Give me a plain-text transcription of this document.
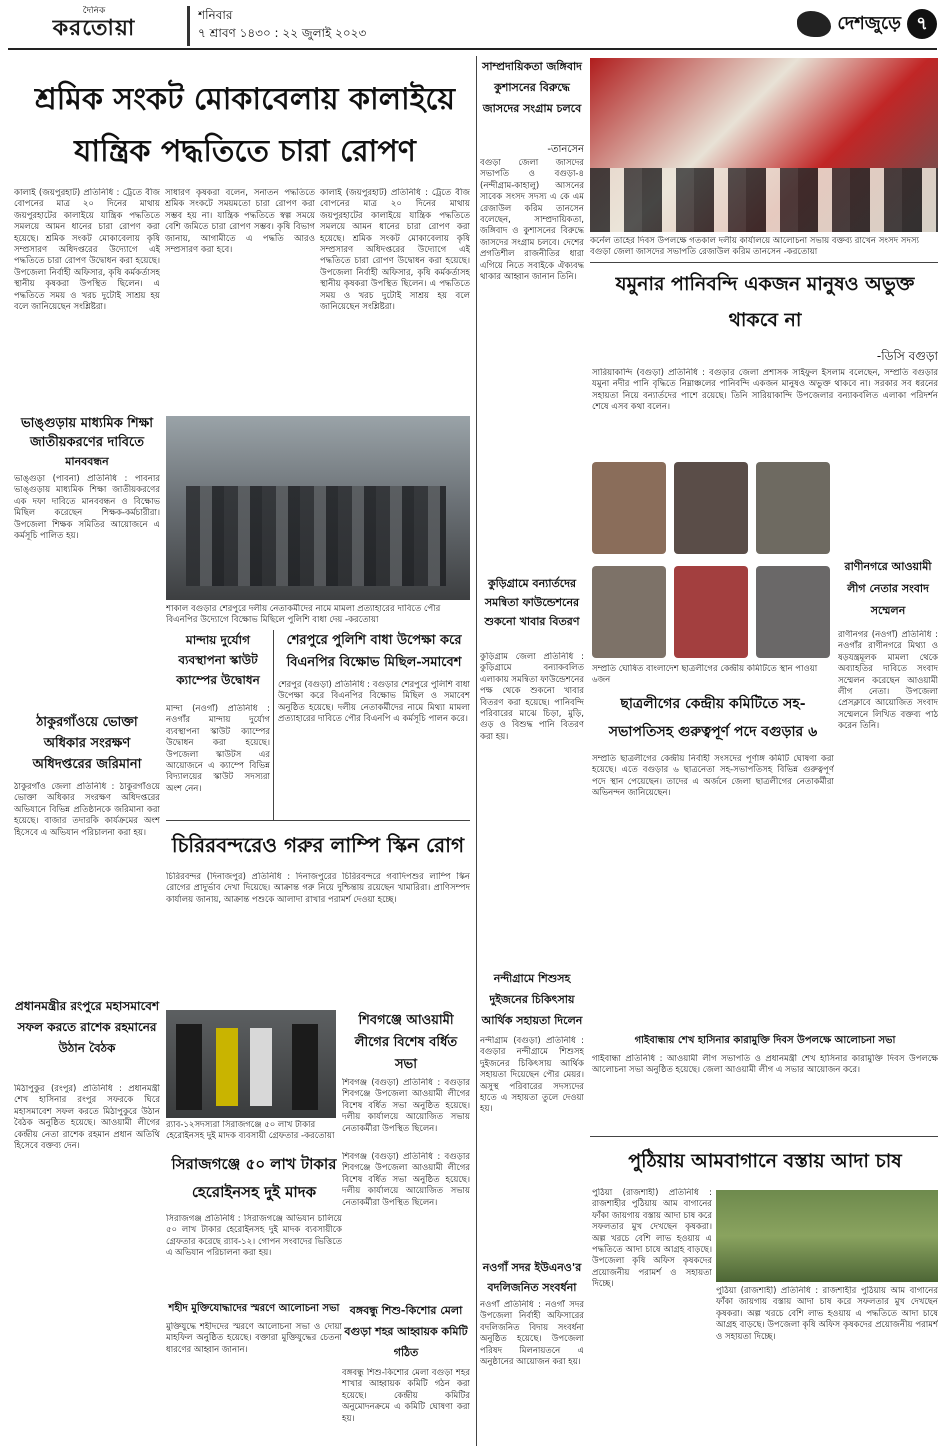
দৈনিক
করতোয়া	শনিবার
৭ শ্রাবণ ১৪৩০ : ২২ জুলাই ২০২৩	দেশজুড়ে ৭
শ্রমিক সংকট মোকাবেলায় কালাইয়ে
যান্ত্রিক পদ্ধতিতে চারা রোপণ
কালাই (জয়পুরহাট) প্রতিনিধি : ট্রেতে বীজ বোপনের মাত্র ২০ দিনের মাথায় জয়পুরহাটের কালাইয়ে যান্ত্রিক পদ্ধতিতে সমলয়ে আমন ধানের চারা রোপণ করা হয়েছে। শ্রমিক সংকট মোকাবেলায় কৃষি সম্প্রসারণ অধিদপ্তরের উদ্যোগে এই পদ্ধতিতে চারা রোপণ উদ্বোধন করা হয়েছে। উপজেলা নির্বাহী অফিসার, কৃষি কর্মকর্তাসহ স্থানীয় কৃষকরা উপস্থিত ছিলেন। এ পদ্ধতিতে সময় ও খরচ দুটোই সাশ্রয় হয় বলে জানিয়েছেন সংশ্লিষ্টরা।
সাধারণ কৃষকরা বলেন, সনাতন পদ্ধতিতে শ্রমিক সংকটে সময়মতো চারা রোপণ করা সম্ভব হয় না। যান্ত্রিক পদ্ধতিতে স্বল্প সময়ে বেশি জমিতে চারা রোপণ সম্ভব। কৃষি বিভাগ জানায়, আগামীতে এ পদ্ধতি আরও সম্প্রসারণ করা হবে।
কালাই (জয়পুরহাট) প্রতিনিধি : ট্রেতে বীজ বোপনের মাত্র ২০ দিনের মাথায় জয়পুরহাটের কালাইয়ে যান্ত্রিক পদ্ধতিতে সমলয়ে আমন ধানের চারা রোপণ করা হয়েছে। শ্রমিক সংকট মোকাবেলায় কৃষি সম্প্রসারণ অধিদপ্তরের উদ্যোগে এই পদ্ধতিতে চারা রোপণ উদ্বোধন করা হয়েছে। উপজেলা নির্বাহী অফিসার, কৃষি কর্মকর্তাসহ স্থানীয় কৃষকরা উপস্থিত ছিলেন। এ পদ্ধতিতে সময় ও খরচ দুটোই সাশ্রয় হয় বলে জানিয়েছেন সংশ্লিষ্টরা।
ভাঙ্গুড়ায় মাধ্যমিক শিক্ষা জাতীয়করণের দাবিতে
মানববন্ধন
ভাঙ্গুড়া (পাবনা) প্রতিনিধি : পাবনার ভাঙ্গুড়ায় মাধ্যমিক শিক্ষা জাতীয়করণের এক দফা দাবিতে মানববন্ধন ও বিক্ষোভ মিছিল করেছেন শিক্ষক-কর্মচারীরা। উপজেলা শিক্ষক সমিতির আয়োজনে এ কর্মসূচি পালিত হয়।
ঠাকুরগাঁওয়ে ভোক্তা অধিকার সংরক্ষণ অধিদপ্তরের জরিমানা
ঠাকুরগাঁও জেলা প্রতিনিধি : ঠাকুরগাঁওয়ে ভোক্তা অধিকার সংরক্ষণ অধিদপ্তরের অভিযানে বিভিন্ন প্রতিষ্ঠানকে জরিমানা করা হয়েছে। বাজার তদারকি কার্যক্রমের অংশ হিসেবে এ অভিযান পরিচালনা করা হয়।
প্রধানমন্ত্রীর রংপুরে মহাসমাবেশ সফল করতে রাশেক রহমানের উঠান বৈঠক
মিঠাপুকুর (রংপুর) প্রতিনিধি : প্রধানমন্ত্রী শেখ হাসিনার রংপুর সফরকে ঘিরে মহাসমাবেশ সফল করতে মিঠাপুকুরে উঠান বৈঠক অনুষ্ঠিত হয়েছে। আওয়ামী লীগের কেন্দ্রীয় নেতা রাশেক রহমান প্রধান অতিথি হিসেবে বক্তব্য দেন।
শাকাল বগুড়ার শেরপুরে দলীয় নেতাকর্মীদের নামে মামলা প্রত্যাহারের দাবিতে পৌর বিএনপির উদ্যোগে বিক্ষোভ মিছিলে পুলিশি বাধা দেয় -করতোয়া
মান্দায় দুর্যোগ ব্যবস্থাপনা স্কাউট ক্যাম্পের উদ্বোধন
মান্দা (নওগাঁ) প্রতিনিধি : নওগাঁর মান্দায় দুর্যোগ ব্যবস্থাপনা স্কাউট ক্যাম্পের উদ্বোধন করা হয়েছে। উপজেলা স্কাউটস এর আয়োজনে এ ক্যাম্পে বিভিন্ন বিদ্যালয়ের স্কাউট সদস্যরা অংশ নেন।
শেরপুরে পুলিশি বাধা উপেক্ষা করে বিএনপির বিক্ষোভ মিছিল-সমাবেশ
শেরপুর (বগুড়া) প্রতিনিধি : বগুড়ার শেরপুরে পুলিশি বাধা উপেক্ষা করে বিএনপির বিক্ষোভ মিছিল ও সমাবেশ অনুষ্ঠিত হয়েছে। দলীয় নেতাকর্মীদের নামে মিথ্যা মামলা প্রত্যাহারের দাবিতে পৌর বিএনপি এ কর্মসূচি পালন করে।
চিরিরবন্দরেও গরুর লাম্পি স্কিন রোগ
চিরিরবন্দর (দিনাজপুর) প্রতিনিধি : দিনাজপুরের চিরিরবন্দরে গবাদিপশুর লাম্পি স্কিন রোগের প্রাদুর্ভাব দেখা দিয়েছে। আক্রান্ত গরু নিয়ে দুশ্চিন্তায় রয়েছেন খামারিরা। প্রাণিসম্পদ কার্যালয় জানায়, আক্রান্ত পশুকে আলাদা রাখার পরামর্শ দেওয়া হচ্ছে।
র‍্যাব-১২সদস্যরা সিরাজগঞ্জে ৫০ লাখ টাকার হেরোইনসহ দুই মাদক ব্যবসায়ী গ্রেফতার -করতোয়া
শিবগঞ্জে আওয়ামী লীগের বিশেষ বর্ধিত সভা
শিবগঞ্জ (বগুড়া) প্রতিনিধি : বগুড়ার শিবগঞ্জে উপজেলা আওয়ামী লীগের বিশেষ বর্ধিত সভা অনুষ্ঠিত হয়েছে। দলীয় কার্যালয়ে আয়োজিত সভায় নেতাকর্মীরা উপস্থিত ছিলেন।
সিরাজগঞ্জে ৫০ লাখ টাকার হেরোইনসহ দুই মাদক
সিরাজগঞ্জ প্রতিনিধি : সিরাজগঞ্জে অভিযান চালিয়ে ৫০ লাখ টাকার হেরোইনসহ দুই মাদক ব্যবসায়ীকে গ্রেফতার করেছে র‍্যাব-১২। গোপন সংবাদের ভিত্তিতে এ অভিযান পরিচালনা করা হয়।
শহীদ মুক্তিযোদ্ধাদের স্মরণে আলোচনা সভা
মুক্তিযুদ্ধে শহীদদের স্মরণে আলোচনা সভা ও দোয়া মাহফিল অনুষ্ঠিত হয়েছে। বক্তারা মুক্তিযুদ্ধের চেতনা ধারণের আহ্বান জানান।
শিবগঞ্জ (বগুড়া) প্রতিনিধি : বগুড়ার শিবগঞ্জে উপজেলা আওয়ামী লীগের বিশেষ বর্ধিত সভা অনুষ্ঠিত হয়েছে। দলীয় কার্যালয়ে আয়োজিত সভায় নেতাকর্মীরা উপস্থিত ছিলেন।
সাম্প্রদায়িকতা জঙ্গিবাদ কুশাসনের বিরুদ্ধে জাসদের সংগ্রাম চলবে
-তানসেন
বগুড়া জেলা জাসদের সভাপতি ও বগুড়া-৪ (নন্দীগ্রাম-কাহালু) আসনের সাবেক সংসদ সদস্য এ কে এম রেজাউল করিম তানসেন বলেছেন, সাম্প্রদায়িকতা, জঙ্গিবাদ ও কুশাসনের বিরুদ্ধে জাসদের সংগ্রাম চলবে। দেশের প্রগতিশীল রাজনীতির ধারা এগিয়ে নিতে সবাইকে ঐক্যবদ্ধ থাকার আহ্বান জানান তিনি।
কুড়িগ্রামে বন্যার্তদের সমন্বিতা ফাউন্ডেশনের শুকনো খাবার বিতরণ
কুড়িগ্রাম জেলা প্রতিনিধি : কুড়িগ্রামে বন্যাকবলিত এলাকায় সমন্বিতা ফাউন্ডেশনের পক্ষ থেকে শুকনো খাবার বিতরণ করা হয়েছে। পানিবন্দি পরিবারের মাঝে চিড়া, মুড়ি, গুড় ও বিশুদ্ধ পানি বিতরণ করা হয়।
নন্দীগ্রামে শিশুসহ দুইজনের চিকিৎসায় আর্থিক সহায়তা দিলেন
নন্দীগ্রাম (বগুড়া) প্রতিনিধি : বগুড়ার নন্দীগ্রামে শিশুসহ দুইজনের চিকিৎসায় আর্থিক সহায়তা দিয়েছেন পৌর মেয়র। অসুস্থ পরিবারের সদস্যদের হাতে এ সহায়তা তুলে দেওয়া হয়।
নওগাঁ সদর ইউএনও'র বদলিজনিত সংবর্ধনা
নওগাঁ প্রতিনিধি : নওগাঁ সদর উপজেলা নির্বাহী অফিসারের বদলিজনিত বিদায় সংবর্ধনা অনুষ্ঠিত হয়েছে। উপজেলা পরিষদ মিলনায়তনে এ অনুষ্ঠানের আয়োজন করা হয়।
কর্নেল তাহের দিবস উপলক্ষে গতকাল দলীয় কার্যালয়ে আলোচনা সভায় বক্তব্য রাখেন সংসদ সদস্য বগুড়া জেলা জাসদের সভাপতি রেজাউল করিম তানসেন -করতোয়া
যমুনার পানিবন্দি একজন মানুষও অভুক্ত থাকবে না
-ডিসি বগুড়া
সারিয়াকান্দি (বগুড়া) প্রতিনিধি : বগুড়ার জেলা প্রশাসক সাইফুল ইসলাম বলেছেন, সম্প্রতি বগুড়ার যমুনা নদীর পানি বৃদ্ধিতে নিম্নাঞ্চলের পানিবন্দি একজন মানুষও অভুক্ত থাকবে না। সরকার সব ধরনের সহায়তা নিয়ে বন্যার্তদের পাশে রয়েছে। তিনি সারিয়াকান্দি উপজেলার বন্যাকবলিত এলাকা পরিদর্শন শেষে এসব কথা বলেন।
সম্প্রতি ঘোষিত বাংলাদেশ ছাত্রলীগের কেন্দ্রীয় কমিটিতে স্থান পাওয়া ৬জন
রাণীনগরে আওয়ামী লীগ নেতার সংবাদ সম্মেলন
রাণীনগর (নওগাঁ) প্রতিনিধি : নওগাঁর রাণীনগরে মিথ্যা ও ষড়যন্ত্রমূলক মামলা থেকে অব্যাহতির দাবিতে সংবাদ সম্মেলন করেছেন আওয়ামী লীগ নেতা। উপজেলা প্রেসক্লাবে আয়োজিত সংবাদ সম্মেলনে লিখিত বক্তব্য পাঠ করেন তিনি।
ছাত্রলীগের কেন্দ্রীয় কমিটিতে সহ-সভাপতিসহ গুরুত্বপূর্ণ পদে বগুড়ার ৬
সম্প্রতি ছাত্রলীগের কেন্দ্রীয় নির্বাহী সংসদের পূর্ণাঙ্গ কমিটি ঘোষণা করা হয়েছে। এতে বগুড়ার ৬ ছাত্রনেতা সহ-সভাপতিসহ বিভিন্ন গুরুত্বপূর্ণ পদে স্থান পেয়েছেন। তাদের এ অর্জনে জেলা ছাত্রলীগের নেতাকর্মীরা অভিনন্দন জানিয়েছেন।
গাইবান্ধায় শেখ হাসিনার কারামুক্তি দিবস উপলক্ষে আলোচনা সভা
গাইবান্ধা প্রতিনিধি : আওয়ামী লীগ সভাপতি ও প্রধানমন্ত্রী শেখ হাসিনার কারামুক্তি দিবস উপলক্ষে আলোচনা সভা অনুষ্ঠিত হয়েছে। জেলা আওয়ামী লীগ এ সভার আয়োজন করে।
পুঠিয়ায় আমবাগানে বস্তায় আদা চাষ
পুঠিয়া (রাজশাহী) প্রতিনিধি : রাজশাহীর পুঠিয়ায় আম বাগানের ফাঁকা জায়গায় বস্তায় আদা চাষ করে সফলতার মুখ দেখছেন কৃষকরা। অল্প খরচে বেশি লাভ হওয়ায় এ পদ্ধতিতে আদা চাষে আগ্রহ বাড়ছে। উপজেলা কৃষি অফিস কৃষকদের প্রয়োজনীয় পরামর্শ ও সহায়তা দিচ্ছে।
পুঠিয়া (রাজশাহী) প্রতিনিধি : রাজশাহীর পুঠিয়ায় আম বাগানের ফাঁকা জায়গায় বস্তায় আদা চাষ করে সফলতার মুখ দেখছেন কৃষকরা। অল্প খরচে বেশি লাভ হওয়ায় এ পদ্ধতিতে আদা চাষে আগ্রহ বাড়ছে। উপজেলা কৃষি অফিস কৃষকদের প্রয়োজনীয় পরামর্শ ও সহায়তা দিচ্ছে।
বঙ্গবন্ধু শিশু-কিশোর মেলা বগুড়া শহর আহ্বায়ক কমিটি গঠিত
বঙ্গবন্ধু শিশু-কিশোর মেলা বগুড়া শহর শাখার আহ্বায়ক কমিটি গঠন করা হয়েছে। কেন্দ্রীয় কমিটির অনুমোদনক্রমে এ কমিটি ঘোষণা করা হয়।
